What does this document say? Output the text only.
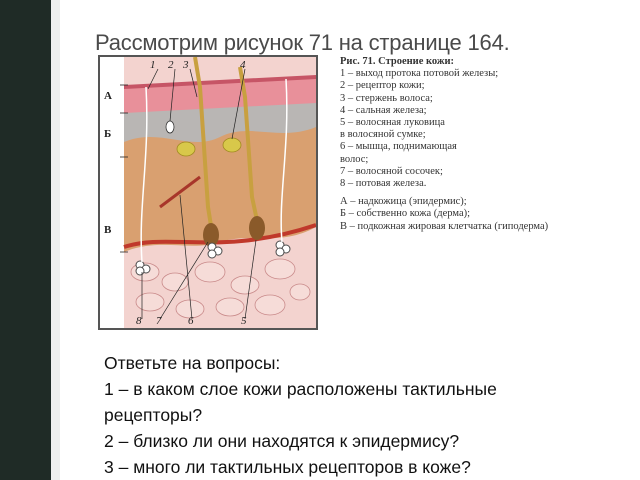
Рассмотрим рисунок 71 на странице 164.
1 2 3	4
8 7 6	5
А
Б
В
Рис. 71. Строение кожи:
1 – выход протока потовой железы;
2 – рецептор кожи;
3 – стержень волоса;
4 – сальная железа;
5 – волосяная луковица
в волосяной сумке;
6 – мышца, поднимающая
волос;
7 – волосяной сосочек;
8 – потовая железа.
А – надкожица (эпидермис);
Б – собственно кожа (дерма);
В – подкожная жировая клетчатка (гиподерма)
Ответьте на вопросы:
1 – в каком слое кожи расположены тактильные
рецепторы?
2 – близко ли они находятся к эпидермису?
3 – много ли тактильных рецепторов в коже?
